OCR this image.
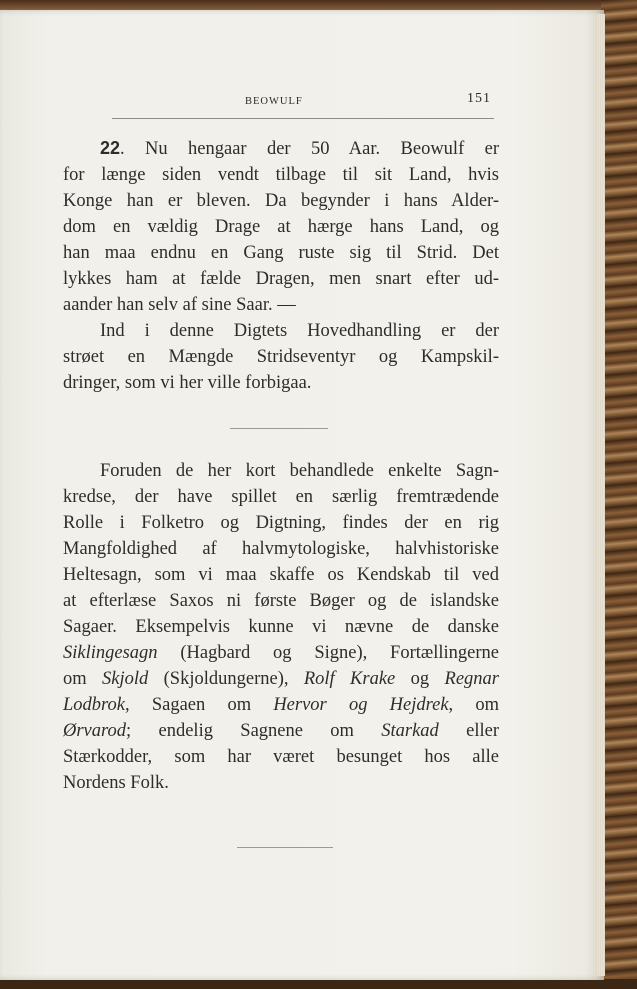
BEOWULF	151
22. Nu hengaar der 50 Aar. Beowulf er
for længe siden vendt tilbage til sit Land, hvis
Konge han er bleven. Da begynder i hans Alder-
dom en vældig Drage at hærge hans Land, og
han maa endnu en Gang ruste sig til Strid. Det
lykkes ham at fælde Dragen, men snart efter ud-
aander han selv af sine Saar. —
Ind i denne Digtets Hovedhandling er der
strøet en Mængde Stridseventyr og Kampskil-
dringer, som vi her ville forbigaa.
Foruden de her kort behandlede enkelte Sagn-
kredse, der have spillet en særlig fremtrædende
Rolle i Folketro og Digtning, findes der en rig
Mangfoldighed af halvmytologiske, halvhistoriske
Heltesagn, som vi maa skaffe os Kendskab til ved
at efterlæse Saxos ni første Bøger og de islandske
Sagaer. Eksempelvis kunne vi nævne de danske
Siklingesagn (Hagbard og Signe), Fortællingerne
om Skjold (Skjoldungerne), Rolf Krake og Regnar
Lodbrok, Sagaen om Hervor og Hejdrek, om
Ørvarod; endelig Sagnene om Starkad eller
Stærkodder, som har været besunget hos alle
Nordens Folk.
